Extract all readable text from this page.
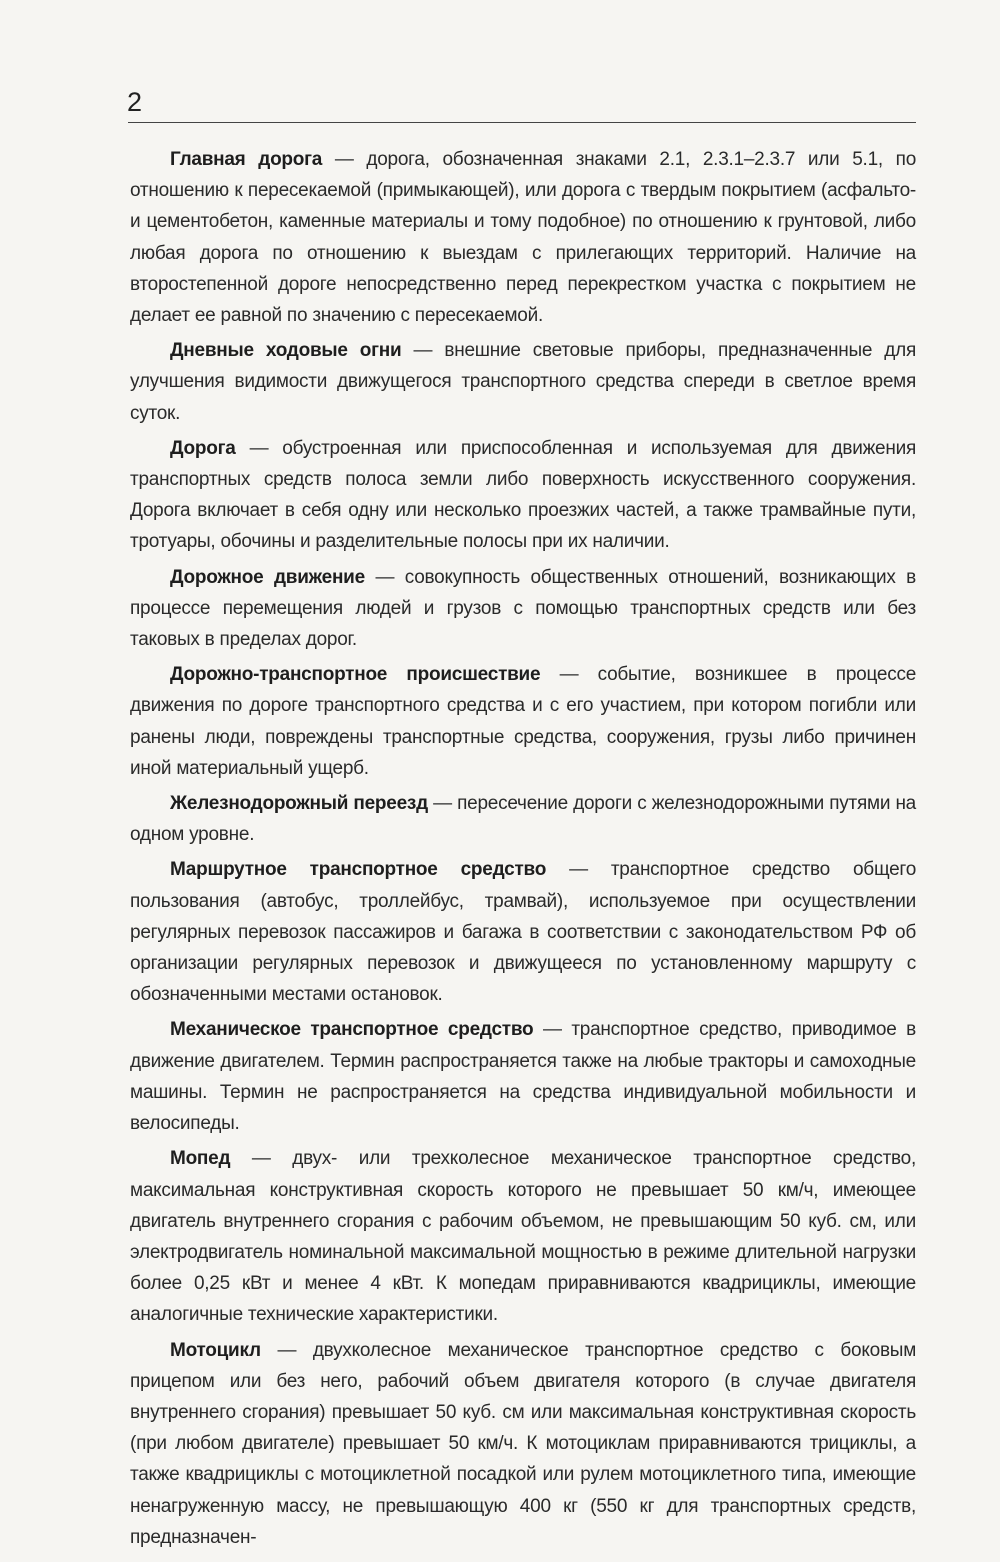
2

Главная дорога — дорога, обозначенная знаками 2.1, 2.3.1–2.3.7 или 5.1, по отношению к пересекаемой (примыкающей), или дорога с твердым покрытием (асфальто- и цементобетон, каменные материалы и тому подобное) по отношению к грунтовой, либо любая дорога по отношению к выездам с прилегающих территорий. Наличие на второстепенной дороге непосредственно перед перекрестком участка с покрытием не делает ее равной по значению с пересекаемой.

Дневные ходовые огни — внешние световые приборы, предназначенные для улучшения видимости движущегося транспортного средства спереди в светлое время суток.

Дорога — обустроенная или приспособленная и используемая для движения транспортных средств полоса земли либо поверхность искусственного сооружения. Дорога включает в себя одну или несколько проезжих частей, а также трамвайные пути, тротуары, обочины и разделительные полосы при их наличии.

Дорожное движение — совокупность общественных отношений, возникающих в процессе перемещения людей и грузов с помощью транспортных средств или без таковых в пределах дорог.

Дорожно-транспортное происшествие — событие, возникшее в процессе движения по дороге транспортного средства и с его участием, при котором погибли или ранены люди, повреждены транспортные средства, сооружения, грузы либо причинен иной материальный ущерб.

Железнодорожный переезд — пересечение дороги с железнодорожными путями на одном уровне.

Маршрутное транспортное средство — транспортное средство общего пользования (автобус, троллейбус, трамвай), используемое при осуществлении регулярных перевозок пассажиров и багажа в соответствии с законодательством РФ об организации регулярных перевозок и движущееся по установленному маршруту с обозначенными местами остановок.

Механическое транспортное средство — транспортное средство, приводимое в движение двигателем. Термин распространяется также на любые тракторы и самоходные машины. Термин не распространяется на средства индивидуальной мобильности и велосипеды.

Мопед — двух- или трехколесное механическое транспортное средство, максимальная конструктивная скорость которого не превышает 50 км/ч, имеющее двигатель внутреннего сгорания с рабочим объемом, не превышающим 50 куб. см, или электродвигатель номинальной максимальной мощностью в режиме длительной нагрузки более 0,25 кВт и менее 4 кВт. К мопедам приравниваются квадрициклы, имеющие аналогичные технические характеристики.

Мотоцикл — двухколесное механическое транспортное средство с боковым прицепом или без него, рабочий объем двигателя которого (в случае двигателя внутреннего сгорания) превышает 50 куб. см или максимальная конструктивная скорость (при любом двигателе) превышает 50 км/ч. К мотоциклам приравниваются трициклы, а также квадрициклы с мотоциклетной посадкой или рулем мотоциклетного типа, имеющие ненагруженную массу, не превышающую 400 кг (550 кг для транспортных средств, предназначен-
